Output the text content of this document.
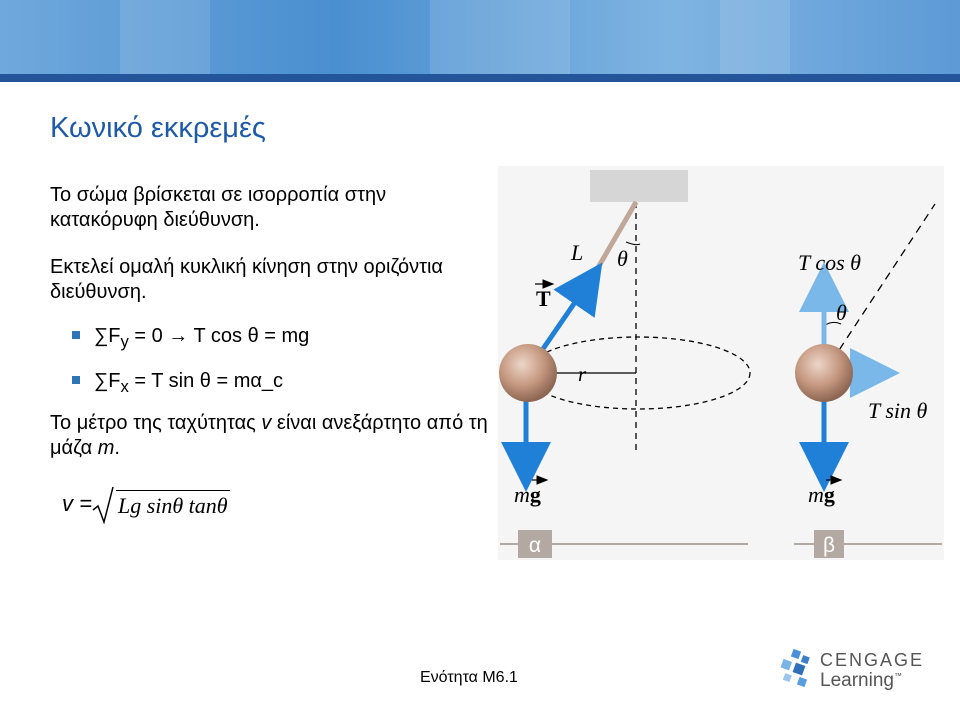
Κωνικό εκκρεμές
Το σώμα βρίσκεται σε ισορροπία στην κατακόρυφη διεύθυνση.
Εκτελεί ομαλή κυκλική κίνηση στην οριζόντια διεύθυνση.
$\sum F_y = 0 \to T$ cos θ = mg
$\sum F_x = T$ sin θ = mα_c
Το μέτρο της ταχύτητας v είναι ανεξάρτητο από τη μάζα m.
v = Lg sinθ tanθ
L θ
T
r
mg
α
T cos θ
θ
T sin θ
mg
β
Ενότητα Μ6.1
CENGAGE
Learning™
